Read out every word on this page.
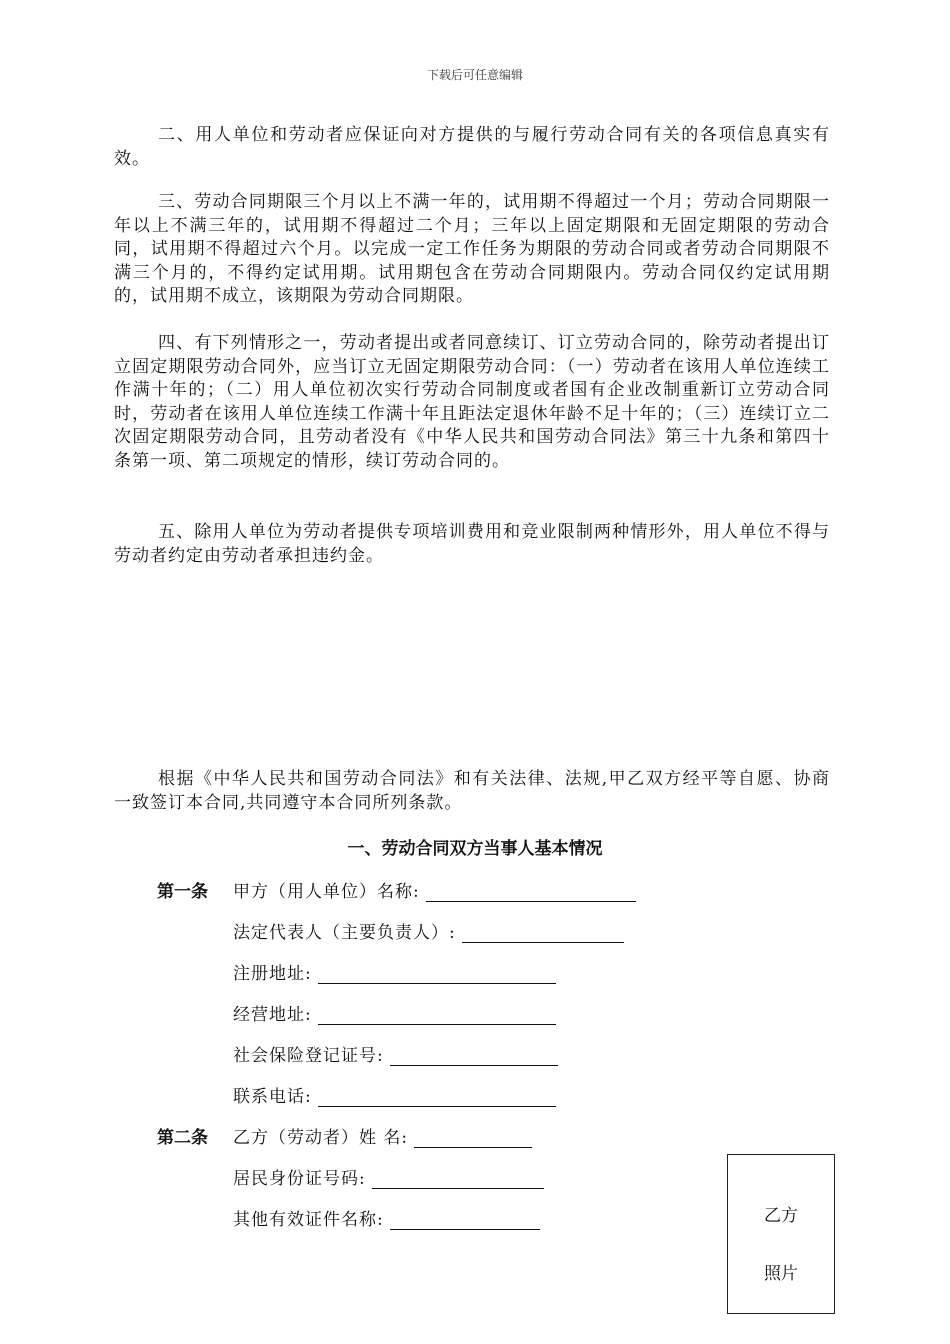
下载后可任意编辑

二、用人单位和劳动者应保证向对方提供的与履行劳动合同有关的各项信息真实有效。

三、劳动合同期限三个月以上不满一年的，试用期不得超过一个月；劳动合同期限一年以上不满三年的，试用期不得超过二个月；三年以上固定期限和无固定期限的劳动合同，试用期不得超过六个月。以完成一定工作任务为期限的劳动合同或者劳动合同期限不满三个月的，不得约定试用期。试用期包含在劳动合同期限内。劳动合同仅约定试用期的，试用期不成立，该期限为劳动合同期限。

四、有下列情形之一，劳动者提出或者同意续订、订立劳动合同的，除劳动者提出订立固定期限劳动合同外，应当订立无固定期限劳动合同：（一）劳动者在该用人单位连续工作满十年的；（二）用人单位初次实行劳动合同制度或者国有企业改制重新订立劳动合同时，劳动者在该用人单位连续工作满十年且距法定退休年龄不足十年的；（三）连续订立二次固定期限劳动合同，且劳动者没有《中华人民共和国劳动合同法》第三十九条和第四十条第一项、第二项规定的情形，续订劳动合同的。

五、除用人单位为劳动者提供专项培训费用和竞业限制两种情形外，用人单位不得与劳动者约定由劳动者承担违约金。

根据《中华人民共和国劳动合同法》和有关法律、法规,甲乙双方经平等自愿、协商一致签订本合同,共同遵守本合同所列条款。

一、劳动合同双方当事人基本情况
第一条 甲方（用人单位）名称:
法定代表人（主要负责人）:
注册地址:
经营地址:
社会保险登记证号:
联系电话:
第二条 乙方（劳动者）姓 名:
居民身份证号码:
其他有效证件名称:	乙方
照片
